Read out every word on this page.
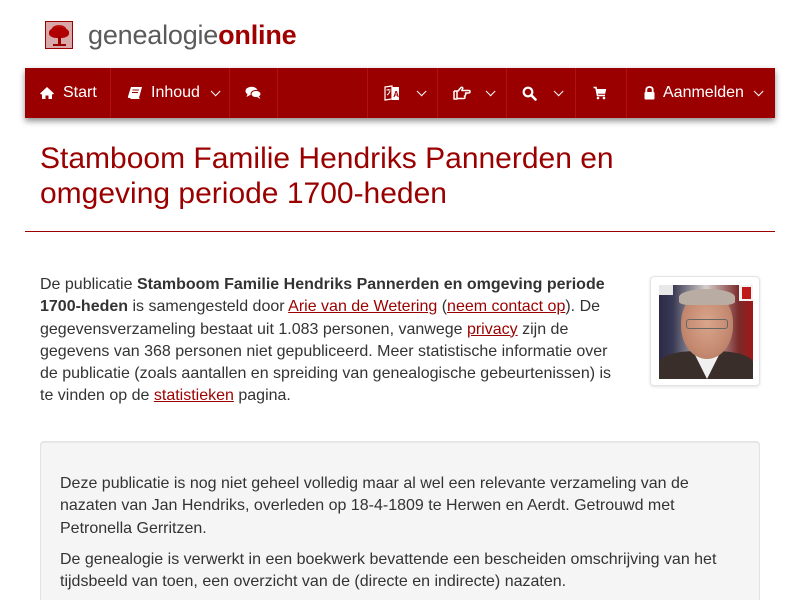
genealogieonline
Start	Inhoud	A	Aanmelden
Stamboom Familie Hendriks Pannerden en omgeving periode 1700-heden

De publicatie Stamboom Familie Hendriks Pannerden en omgeving periode 1700-heden is samengesteld door Arie van de Wetering (neem contact op). De gegevensverzameling bestaat uit 1.083 personen, vanwege privacy zijn de gegevens van 368 personen niet gepubliceerd. Meer statistische informatie over de publicatie (zoals aantallen en spreiding van genealogische gebeurtenissen) is te vinden op de statistieken pagina.

Deze publicatie is nog niet geheel volledig maar al wel een relevante verzameling van de nazaten van Jan Hendriks, overleden op 18-4-1809 te Herwen en Aerdt. Getrouwd met Petronella Gerritzen.

De genealogie is verwerkt in een boekwerk bevattende een bescheiden omschrijving van het tijdsbeeld van toen, een overzicht van de (directe en indirecte) nazaten.
